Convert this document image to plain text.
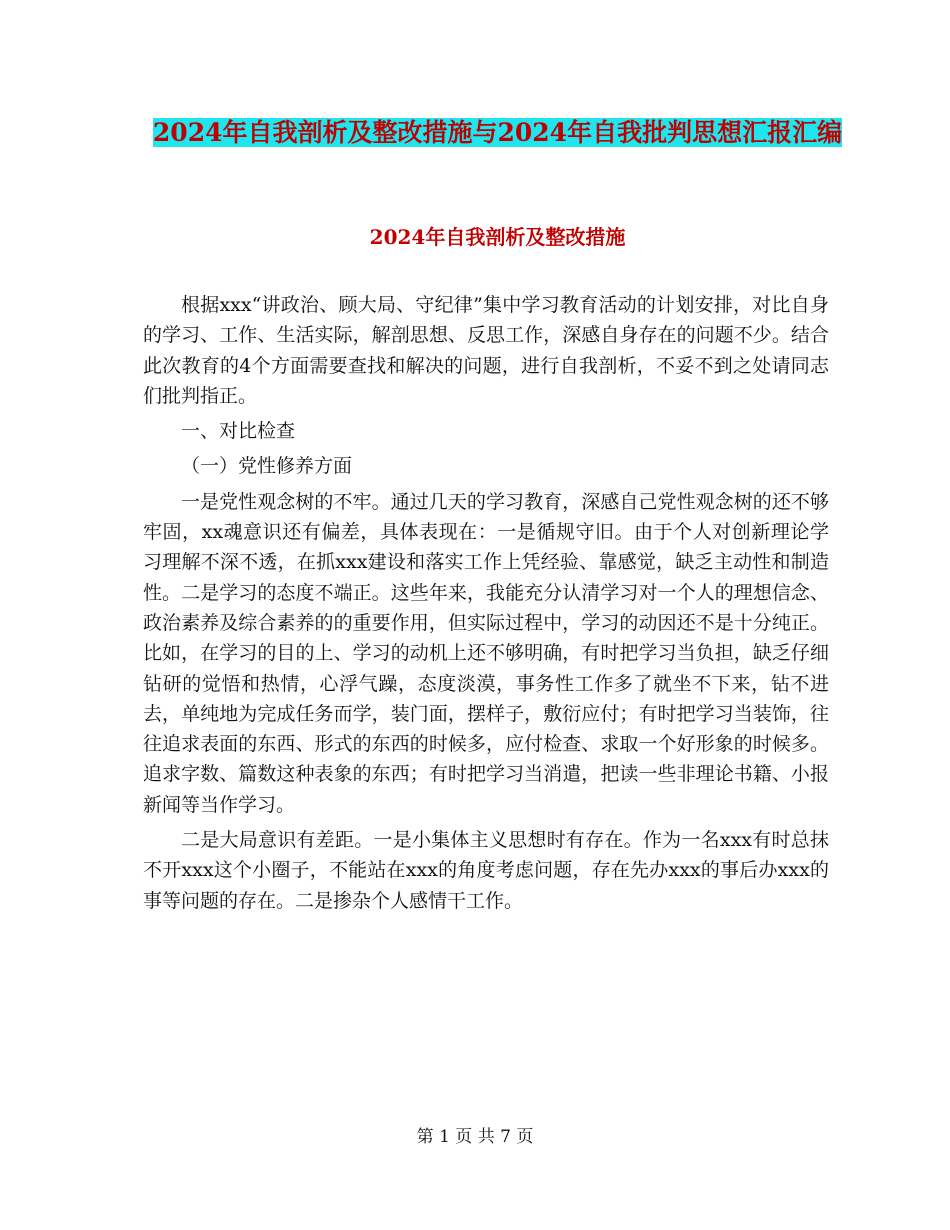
2024年自我剖析及整改措施与2024年自我批判思想汇报汇编
2024年自我剖析及整改措施

根据xxx“讲政治、顾大局、守纪律”集中学习教育活动的计划安排，对比自身的学习、工作、生活实际，解剖思想、反思工作，深感自身存在的问题不少。结合此次教育的4个方面需要查找和解决的问题，进行自我剖析，不妥不到之处请同志们批判指正。

一、对比检查

（一）党性修养方面

一是党性观念树的不牢。通过几天的学习教育，深感自己党性观念树的还不够牢固，xx魂意识还有偏差，具体表现在：一是循规守旧。由于个人对创新理论学习理解不深不透，在抓xxx建设和落实工作上凭经验、靠感觉，缺乏主动性和制造性。二是学习的态度不端正。这些年来，我能充分认清学习对一个人的理想信念、政治素养及综合素养的的重要作用，但实际过程中，学习的动因还不是十分纯正。比如，在学习的目的上、学习的动机上还不够明确，有时把学习当负担，缺乏仔细钻研的觉悟和热情，心浮气躁，态度淡漠，事务性工作多了就坐不下来，钻不进去，单纯地为完成任务而学，装门面，摆样子，敷衍应付；有时把学习当装饰，往往追求表面的东西、形式的东西的时候多，应付检查、求取一个好形象的时候多。追求字数、篇数这种表象的东西；有时把学习当消遣，把读一些非理论书籍、小报新闻等当作学习。

二是大局意识有差距。一是小集体主义思想时有存在。作为一名xxx有时总抹不开xxx这个小圈子，不能站在xxx的角度考虑问题，存在先办xxx的事后办xxx的事等问题的存在。二是掺杂个人感情干工作。

第 1 页 共 7 页
